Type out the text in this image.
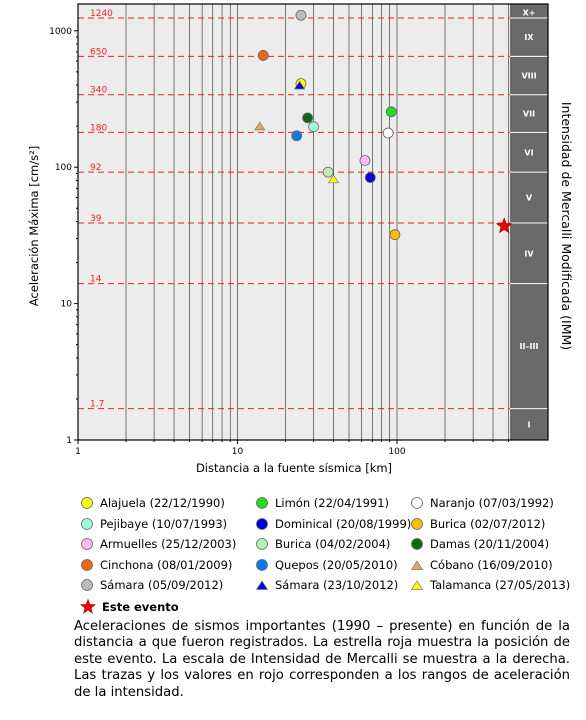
X+
IX
VIII
VII
VI
V
IV
II–III
I
1240
650
340
180
92
39
14
1.7
1	10	100
1
10
100
1000
Distancia a la fuente sísmica [km]
Aceleración Máxima [cm/s²]	Intensidad de Mercalli Modificada (IMM)
Alajuela (22/12/1990)	Limón (22/04/1991)	Naranjo (07/03/1992)
Pejibaye (10/07/1993)	Dominical (20/08/1999) Burica (02/07/2012)
Armuelles (25/12/2003)	Burica (04/02/2004)	Damas (20/11/2004)
Cinchona (08/01/2009)	Quepos (20/05/2010)	Cóbano (16/09/2010)
Sámara (05/09/2012)	Sámara (23/10/2012)	Talamanca (27/05/2013)
Este evento
Aceleraciones de sismos importantes (1990 – presente) en función de la distancia a que fueron registrados. La estrella roja muestra la posición de este evento. La escala de Intensidad de Mercalli se muestra a la derecha. Las trazas y los valores en rojo corresponden a los rangos de aceleración de la intensidad.
